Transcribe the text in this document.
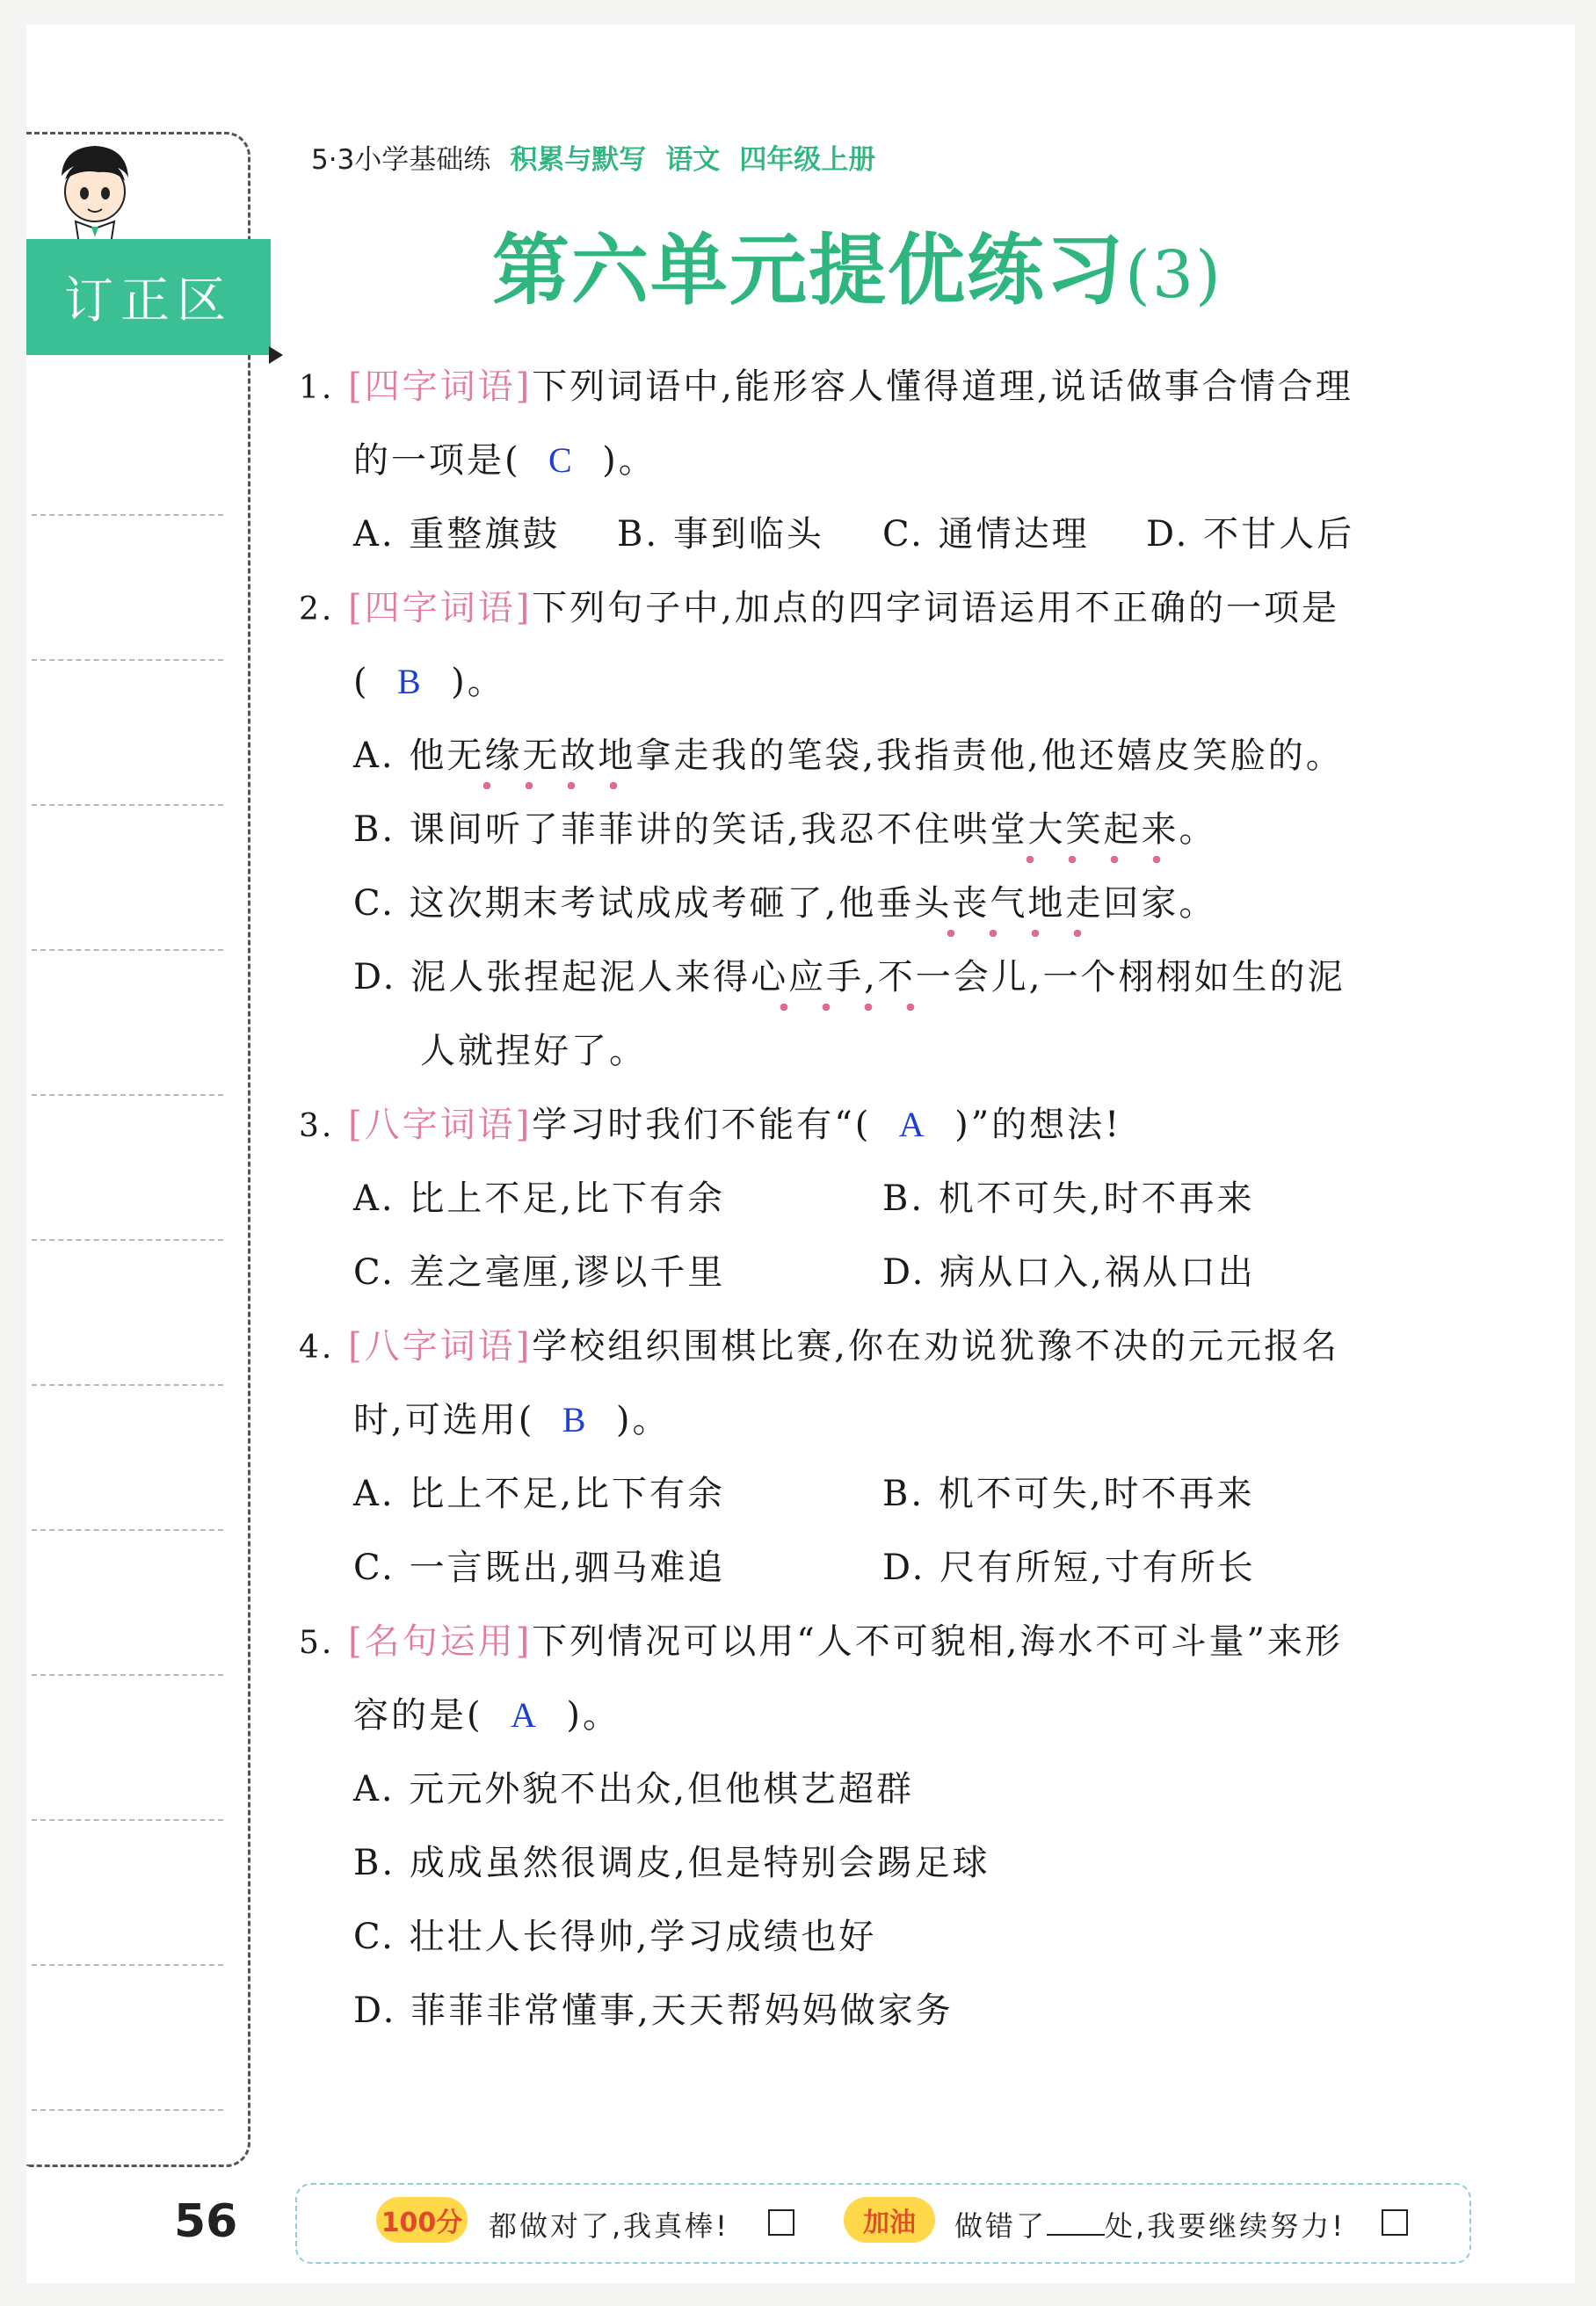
订正区
5·3小学基础练 积累与默写 语文 四年级上册
第六单元提优练习(3)
1. [四字词语]下列词语中,能形容人懂得道理,说话做事合情合理
的一项是( C )。
A. 重整旗鼓 B. 事到临头 C. 通情达理 D. 不甘人后
2. [四字词语]下列句子中,加点的四字词语运用不正确的一项是
( B )。
A. 他无缘无故地拿走我的笔袋,我指责他,他还嬉皮笑脸的。
B. 课间听了菲菲讲的笑话,我忍不住哄堂大笑起来。
C. 这次期末考试成成考砸了,他垂头丧气地走回家。
D. 泥人张捏起泥人来得心应手,不一会儿,一个栩栩如生的泥
人就捏好了。
3. [八字词语]学习时我们不能有“( A )”的想法!
A. 比上不足,比下有余	B. 机不可失,时不再来
C. 差之毫厘,谬以千里	D. 病从口入,祸从口出
4. [八字词语]学校组织围棋比赛,你在劝说犹豫不决的元元报名
时,可选用( B )。
A. 比上不足,比下有余	B. 机不可失,时不再来
C. 一言既出,驷马难追	D. 尺有所短,寸有所长
5. [名句运用]下列情况可以用“人不可貌相,海水不可斗量”来形
容的是( A )。
A. 元元外貌不出众,但他棋艺超群
B. 成成虽然很调皮,但是特别会踢足球
C. 壮壮人长得帅,学习成绩也好
D. 菲菲非常懂事,天天帮妈妈做家务
56	100分 都做对了,我真棒!	加油	做错了 处,我要继续努力!
